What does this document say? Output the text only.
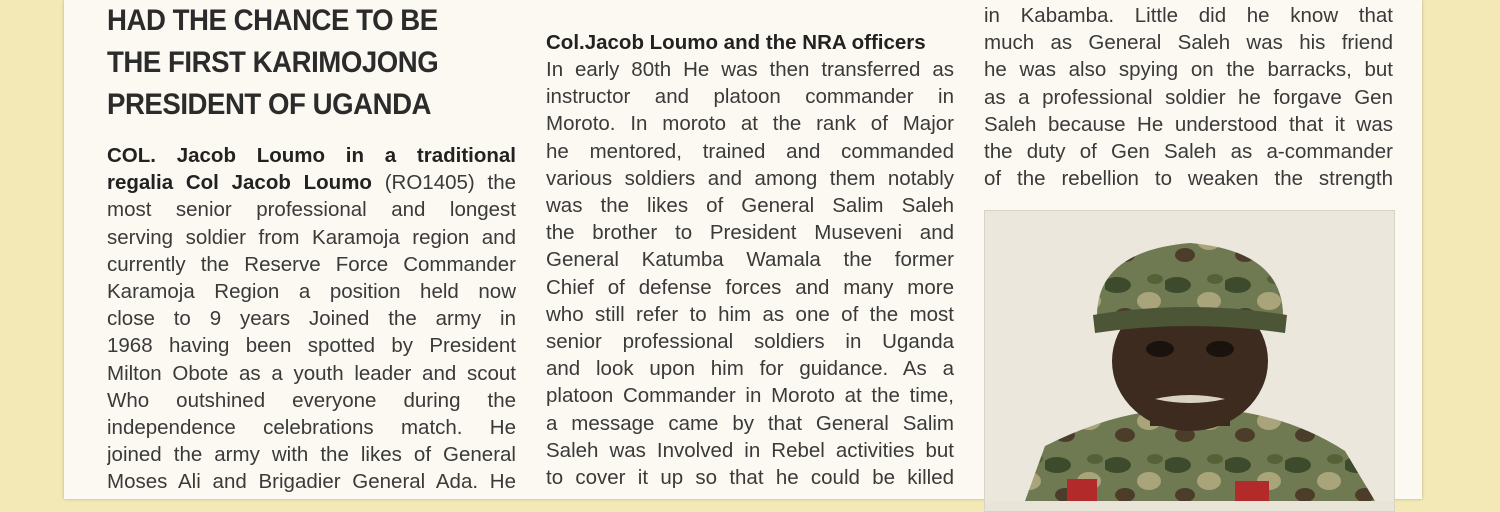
HAD THE CHANCE TO BE
THE FIRST KARIMOJONG
PRESIDENT OF UGANDA
COL. Jacob Loumo in a traditional
regalia Col Jacob Loumo (RO1405) the
most senior professional and longest
serving soldier from Karamoja region and
currently the Reserve Force Commander
Karamoja Region a position held now
close to 9 years Joined the army in
1968 having been spotted by President
Milton Obote as a youth leader and scout
Who outshined everyone during the
independence celebrations match. He
joined the army with the likes of General
Moses Ali and Brigadier General Ada. He
Col.Jacob Loumo and the NRA officers
In early 80th He was then transferred as
instructor and platoon commander in
Moroto. In moroto at the rank of Major
he mentored, trained and commanded
various soldiers and among them notably
was the likes of General Salim Saleh
the brother to President Museveni and
General Katumba Wamala the former
Chief of defense forces and many more
who still refer to him as one of the most
senior professional soldiers in Uganda
and look upon him for guidance. As a
platoon Commander in Moroto at the time,
a message came by that General Salim
Saleh was Involved in Rebel activities but
to cover it up so that he could be killed
in Kabamba. Little did he know that
much as General Saleh was his friend
he was also spying on the barracks, but
as a professional soldier he forgave Gen
Saleh because He understood that it was
the duty of Gen Saleh as a-commander
of the rebellion to weaken the strength
